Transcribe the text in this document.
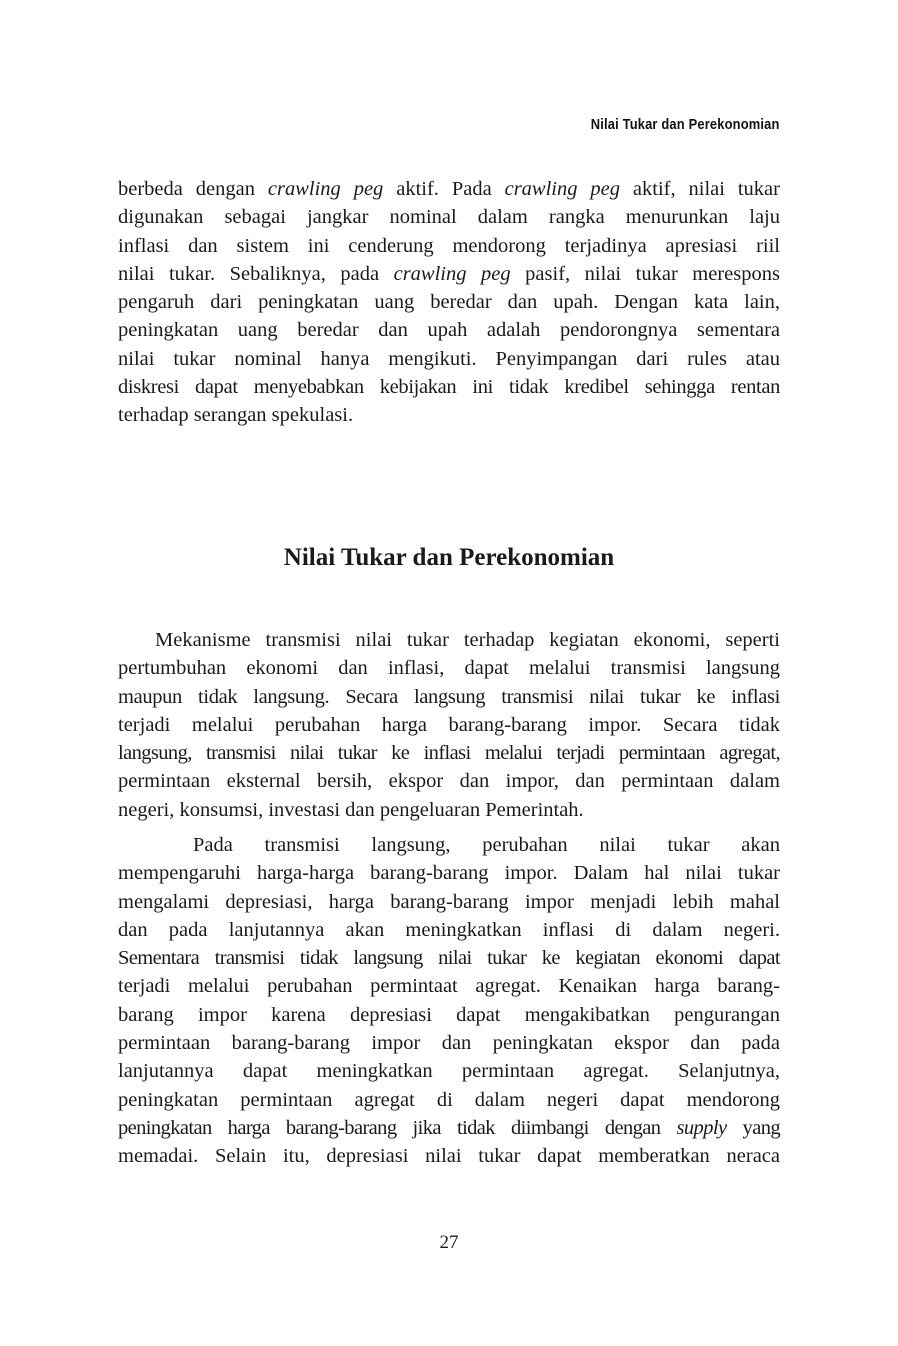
Nilai Tukar dan Perekonomian
berbeda dengan crawling peg aktif. Pada crawling peg aktif, nilai tukar
digunakan sebagai jangkar nominal dalam rangka menurunkan laju
inflasi dan sistem ini cenderung mendorong terjadinya apresiasi riil
nilai tukar. Sebaliknya, pada crawling peg pasif, nilai tukar merespons
pengaruh dari peningkatan uang beredar dan upah. Dengan kata lain,
peningkatan uang beredar dan upah adalah pendorongnya sementara
nilai tukar nominal hanya mengikuti. Penyimpangan dari rules atau
diskresi dapat menyebabkan kebijakan ini tidak kredibel sehingga rentan
terhadap serangan spekulasi.
Nilai Tukar dan Perekonomian
Mekanisme transmisi nilai tukar terhadap kegiatan ekonomi, seperti
pertumbuhan ekonomi dan inflasi, dapat melalui transmisi langsung
maupun tidak langsung. Secara langsung transmisi nilai tukar ke inflasi
terjadi melalui perubahan harga barang-barang impor. Secara tidak
langsung, transmisi nilai tukar ke inflasi melalui terjadi permintaan agregat,
permintaan eksternal bersih, ekspor dan impor, dan permintaan dalam
negeri, konsumsi, investasi dan pengeluaran Pemerintah.
Pada transmisi langsung, perubahan nilai tukar akan
mempengaruhi harga-harga barang-barang impor. Dalam hal nilai tukar
mengalami depresiasi, harga barang-barang impor menjadi lebih mahal
dan pada lanjutannya akan meningkatkan inflasi di dalam negeri.
Sementara transmisi tidak langsung nilai tukar ke kegiatan ekonomi dapat
terjadi melalui perubahan permintaat agregat. Kenaikan harga barang-
barang impor karena depresiasi dapat mengakibatkan pengurangan
permintaan barang-barang impor dan peningkatan ekspor dan pada
lanjutannya dapat meningkatkan permintaan agregat. Selanjutnya,
peningkatan permintaan agregat di dalam negeri dapat mendorong
peningkatan harga barang-barang jika tidak diimbangi dengan supply yang
memadai. Selain itu, depresiasi nilai tukar dapat memberatkan neraca
27
